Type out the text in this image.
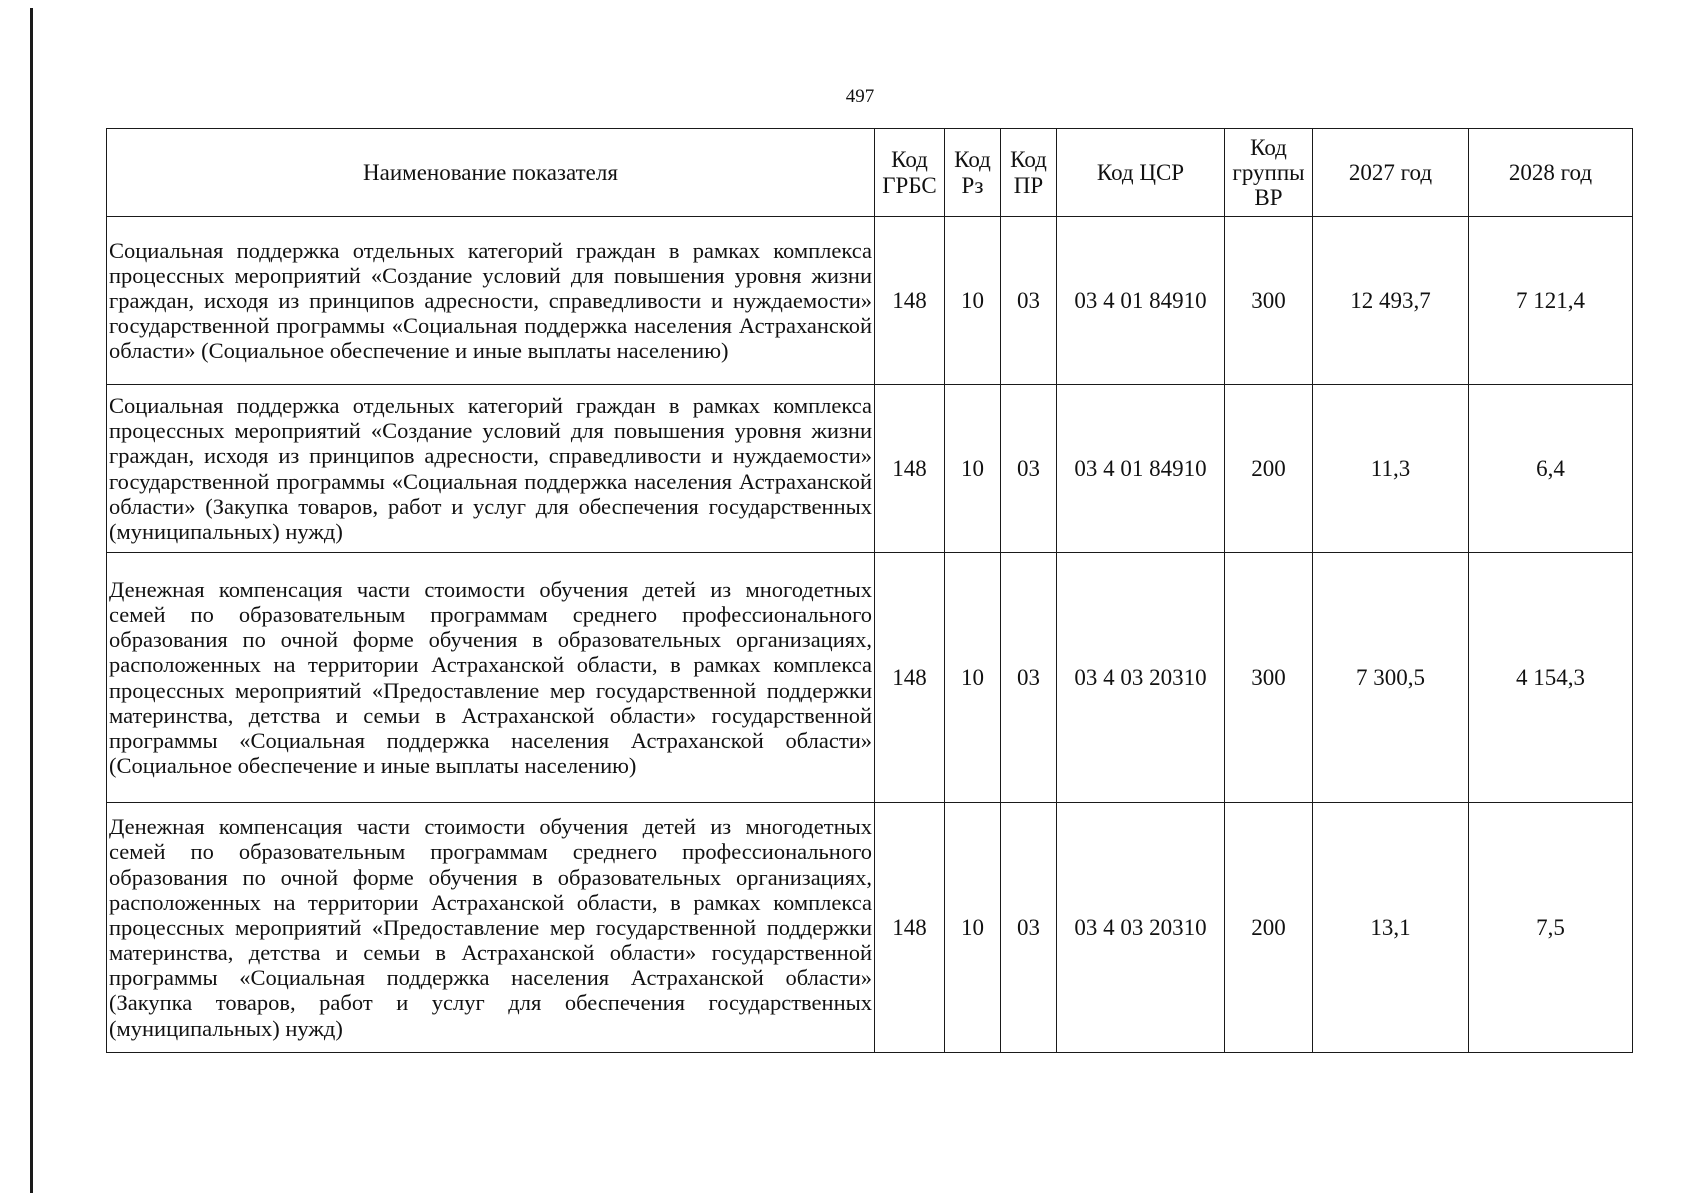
497
Наименование показателя	Код ГРБС	Код Рз	Код ПР	Код ЦСР	Код группы ВР	2027 год	2028 год
Социальная поддержка отдельных категорий граждан в рамках комплекса процессных мероприятий «Создание условий для повышения уровня жизни граждан, исходя из принципов адресности, справедливости и нуждаемости» государственной программы «Социальная поддержка населения Астраханской области» (Социальное обеспечение и иные выплаты населению)	148	10	03	03 4 01 84910	300	12 493,7	7 121,4
Социальная поддержка отдельных категорий граждан в рамках комплекса процессных мероприятий «Создание условий для повышения уровня жизни граждан, исходя из принципов адресности, справедливости и нуждаемости» государственной программы «Социальная поддержка населения Астраханской области» (Закупка товаров, работ и услуг для обеспечения государственных (муниципальных) нужд)	148	10	03	03 4 01 84910	200	11,3	6,4
Денежная компенсация части стоимости обучения детей из многодетных семей по образовательным программам среднего профессионального образования по очной форме обучения в образовательных организациях, расположенных на территории Астраханской области, в рамках комплекса процессных мероприятий «Предоставление мер государственной поддержки материнства, детства и семьи в Астраханской области» государственной программы «Социальная поддержка населения Астраханской области» (Социальное обеспечение и иные выплаты населению)	148	10	03	03 4 03 20310	300	7 300,5	4 154,3
Денежная компенсация части стоимости обучения детей из многодетных семей по образовательным программам среднего профессионального образования по очной форме обучения в образовательных организациях, расположенных на территории Астраханской области, в рамках комплекса процессных мероприятий «Предоставление мер государственной поддержки материнства, детства и семьи в Астраханской области» государственной программы «Социальная поддержка населения Астраханской области» (Закупка товаров, работ и услуг для обеспечения государственных (муниципальных) нужд)	148	10	03	03 4 03 20310	200	13,1	7,5
